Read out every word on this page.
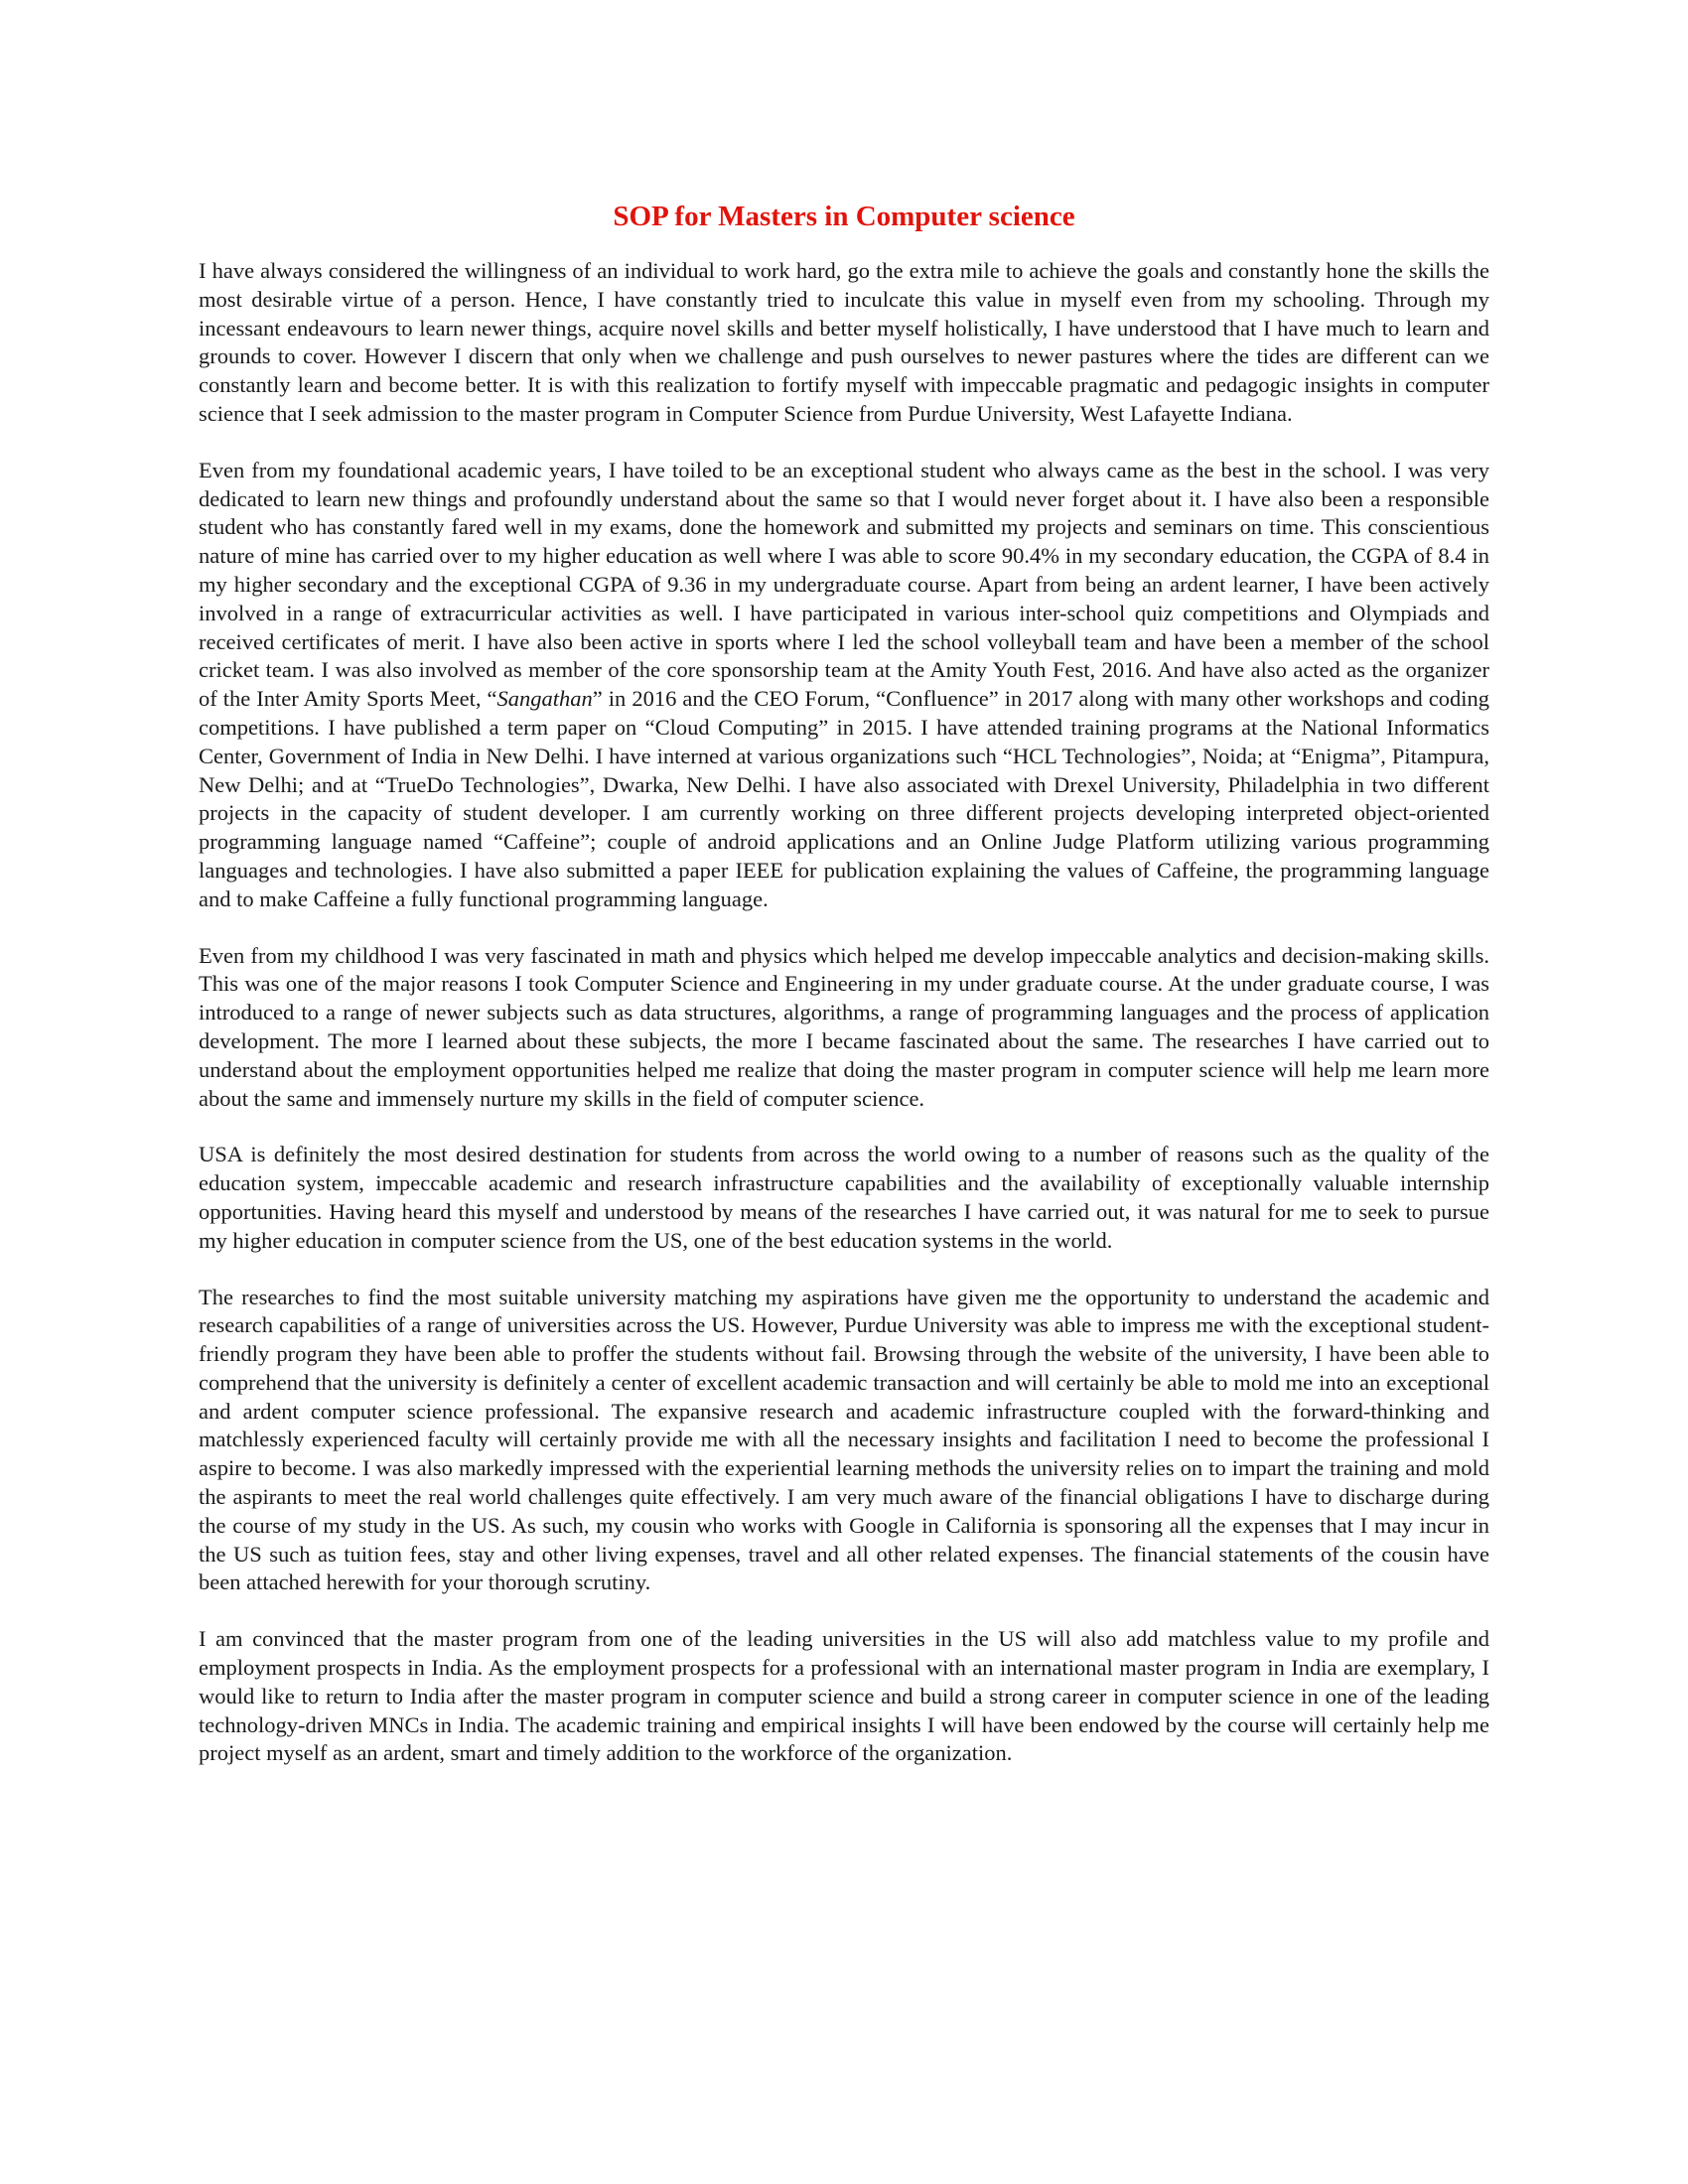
SOP for Masters in Computer science

I have always considered the willingness of an individual to work hard, go the extra mile to achieve the goals and constantly hone the skills the most desirable virtue of a person. Hence, I have constantly tried to inculcate this value in myself even from my schooling. Through my incessant endeavours to learn newer things, acquire novel skills and better myself holistically, I have understood that I have much to learn and grounds to cover. However I discern that only when we challenge and push ourselves to newer pastures where the tides are different can we constantly learn and become better. It is with this realization to fortify myself with impeccable pragmatic and pedagogic insights in computer science that I seek admission to the master program in Computer Science from Purdue University, West Lafayette Indiana.

Even from my foundational academic years, I have toiled to be an exceptional student who always came as the best in the school. I was very dedicated to learn new things and profoundly understand about the same so that I would never forget about it. I have also been a responsible student who has constantly fared well in my exams, done the homework and submitted my projects and seminars on time. This conscientious nature of mine has carried over to my higher education as well where I was able to score 90.4% in my secondary education, the CGPA of 8.4 in my higher secondary and the exceptional CGPA of 9.36 in my undergraduate course. Apart from being an ardent learner, I have been actively involved in a range of extracurricular activities as well. I have participated in various inter-school quiz competitions and Olympiads and received certificates of merit. I have also been active in sports where I led the school volleyball team and have been a member of the school cricket team. I was also involved as member of the core sponsorship team at the Amity Youth Fest, 2016. And have also acted as the organizer of the Inter Amity Sports Meet, “Sangathan” in 2016 and the CEO Forum, “Confluence” in 2017 along with many other workshops and coding competitions. I have published a term paper on “Cloud Computing” in 2015. I have attended training programs at the National Informatics Center, Government of India in New Delhi. I have interned at various organizations such “HCL Technologies”, Noida; at “Enigma”, Pitampura, New Delhi; and at “TrueDo Technologies”, Dwarka, New Delhi. I have also associated with Drexel University, Philadelphia in two different projects in the capacity of student developer. I am currently working on three different projects developing interpreted object-oriented programming language named “Caffeine”; couple of android applications and an Online Judge Platform utilizing various programming languages and technologies. I have also submitted a paper IEEE for publication explaining the values of Caffeine, the programming language and to make Caffeine a fully functional programming language.

Even from my childhood I was very fascinated in math and physics which helped me develop impeccable analytics and decision-making skills. This was one of the major reasons I took Computer Science and Engineering in my under graduate course. At the under graduate course, I was introduced to a range of newer subjects such as data structures, algorithms, a range of programming languages and the process of application development. The more I learned about these subjects, the more I became fascinated about the same. The researches I have carried out to understand about the employment opportunities helped me realize that doing the master program in computer science will help me learn more about the same and immensely nurture my skills in the field of computer science.

USA is definitely the most desired destination for students from across the world owing to a number of reasons such as the quality of the education system, impeccable academic and research infrastructure capabilities and the availability of exceptionally valuable internship opportunities. Having heard this myself and understood by means of the researches I have carried out, it was natural for me to seek to pursue my higher education in computer science from the US, one of the best education systems in the world.

The researches to find the most suitable university matching my aspirations have given me the opportunity to understand the academic and research capabilities of a range of universities across the US. However, Purdue University was able to impress me with the exceptional student-friendly program they have been able to proffer the students without fail. Browsing through the website of the university, I have been able to comprehend that the university is definitely a center of excellent academic transaction and will certainly be able to mold me into an exceptional and ardent computer science professional. The expansive research and academic infrastructure coupled with the forward-thinking and matchlessly experienced faculty will certainly provide me with all the necessary insights and facilitation I need to become the professional I aspire to become. I was also markedly impressed with the experiential learning methods the university relies on to impart the training and mold the aspirants to meet the real world challenges quite effectively. I am very much aware of the financial obligations I have to discharge during the course of my study in the US. As such, my cousin who works with Google in California is sponsoring all the expenses that I may incur in the US such as tuition fees, stay and other living expenses, travel and all other related expenses. The financial statements of the cousin have been attached herewith for your thorough scrutiny.

I am convinced that the master program from one of the leading universities in the US will also add matchless value to my profile and employment prospects in India. As the employment prospects for a professional with an international master program in India are exemplary, I would like to return to India after the master program in computer science and build a strong career in computer science in one of the leading technology-driven MNCs in India. The academic training and empirical insights I will have been endowed by the course will certainly help me project myself as an ardent, smart and timely addition to the workforce of the organization.
